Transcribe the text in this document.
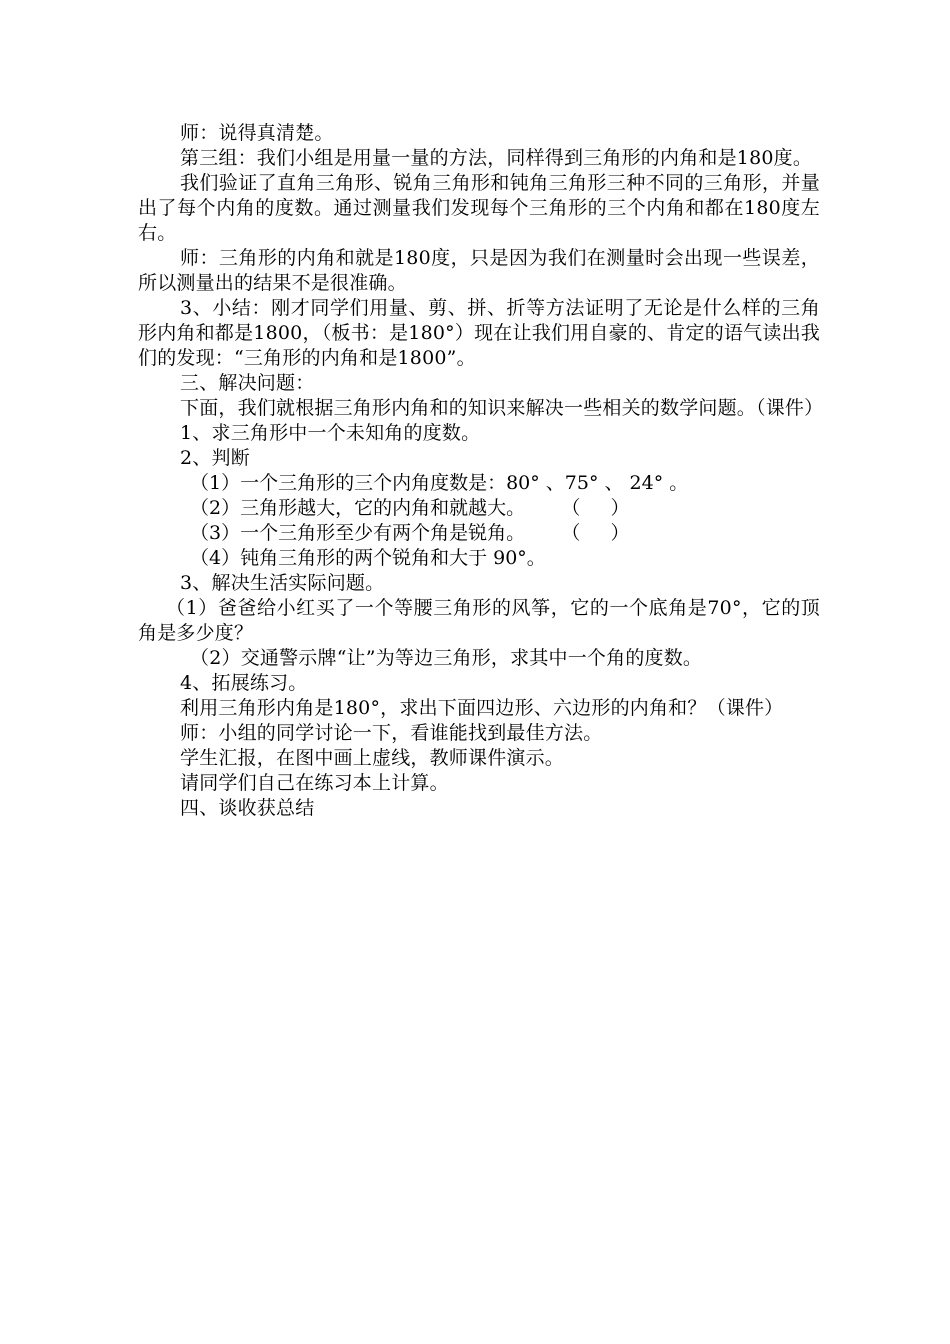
师：说得真清楚。

第三组：我们小组是用量一量的方法，同样得到三角形的内角和是180度。

我们验证了直角三角形、锐角三角形和钝角三角形三种不同的三角形，并量出了每个内角的度数。通过测量我们发现每个三角形的三个内角和都在180度左右。

师：三角形的内角和就是180度，只是因为我们在测量时会出现一些误差，所以测量出的结果不是很准确。

3、小结：刚才同学们用量、剪、拼、折等方法证明了无论是什么样的三角形内角和都是1800，（板书：是180°）现在让我们用自豪的、肯定的语气读出我们的发现：“三角形的内角和是1800”。

三、解决问题：

下面，我们就根据三角形内角和的知识来解决一些相关的数学问题。（课件）

1、求三角形中一个未知角的度数。

2、判断

（1）一个三角形的三个内角度数是：80° 、75° 、 24° 。

（2）三角形越大，它的内角和就越大。      （     ）

（3）一个三角形至少有两个角是锐角。      （     ）

（4）钝角三角形的两个锐角和大于 90°。

3、解决生活实际问题。

（1）爸爸给小红买了一个等腰三角形的风筝，它的一个底角是70°，它的顶角是多少度？

（2）交通警示牌“让”为等边三角形，求其中一个角的度数。

4、拓展练习。

利用三角形内角是180°，求出下面四边形、六边形的内角和？（课件）

师：小组的同学讨论一下，看谁能找到最佳方法。

学生汇报，在图中画上虚线，教师课件演示。

请同学们自己在练习本上计算。

四、谈收获总结
